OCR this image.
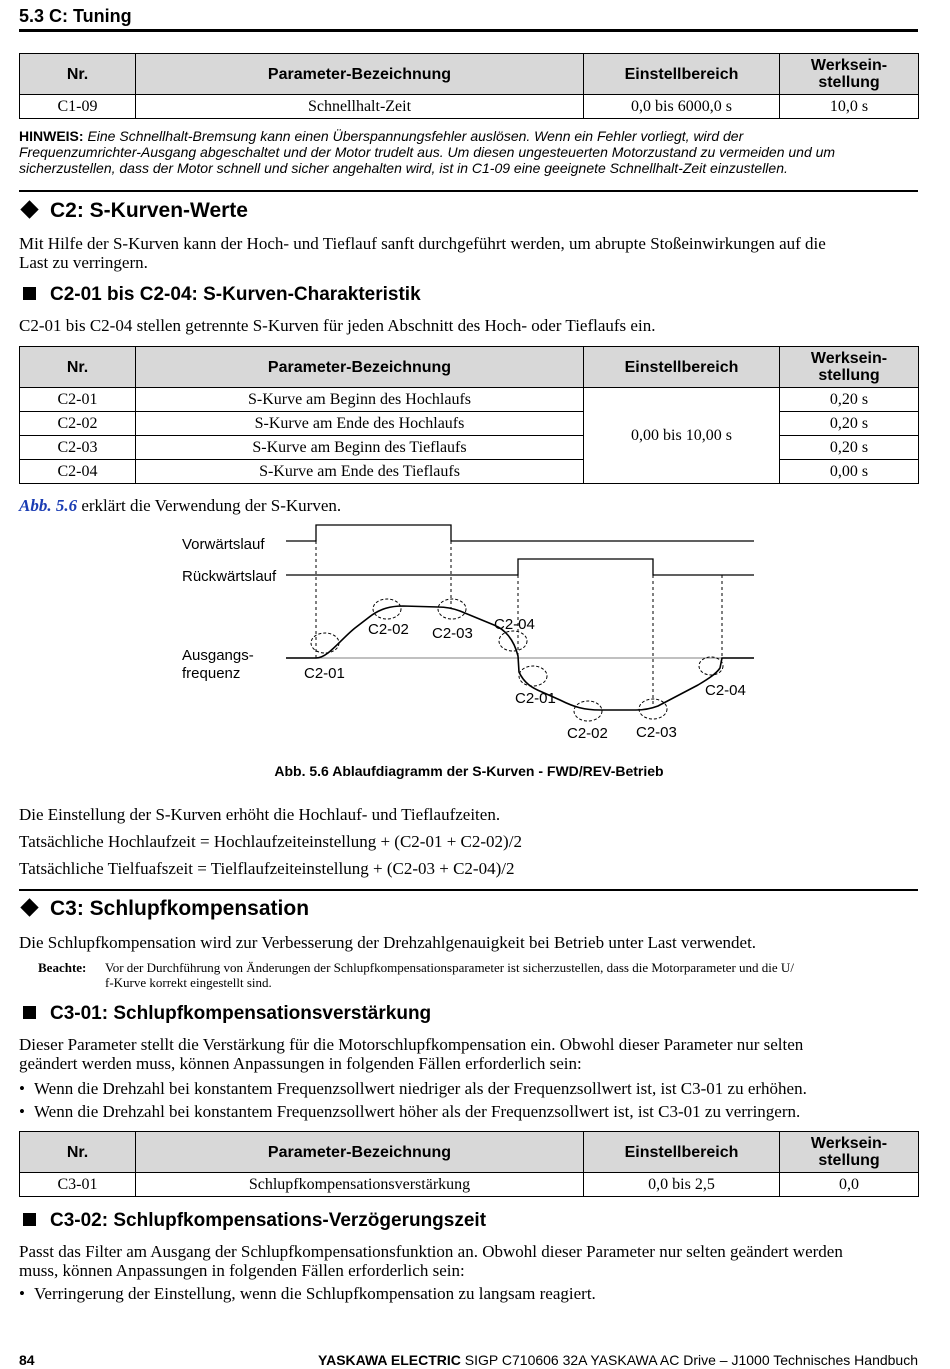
5.3 C: Tuning
Nr.	Parameter-Bezeichnung	Einstellbereich	Werksein-
stellung
C1-09	Schnellhalt-Zeit	0,0 bis 6000,0 s	10,0 s
HINWEIS: Eine Schnellhalt-Bremsung kann einen Überspannungsfehler auslösen. Wenn ein Fehler vorliegt, wird der
Frequenzumrichter-Ausgang abgeschaltet und der Motor trudelt aus. Um diesen ungesteuerten Motorzustand zu vermeiden und um
sicherzustellen, dass der Motor schnell und sicher angehalten wird, ist in C1-09 eine geeignete Schnellhalt-Zeit einzustellen.
C2: S-Kurven-Werte
Mit Hilfe der S-Kurven kann der Hoch- und Tieflauf sanft durchgeführt werden, um abrupte Stoßeinwirkungen auf die
Last zu verringern.
C2-01 bis C2-04: S-Kurven-Charakteristik
C2-01 bis C2-04 stellen getrennte S-Kurven für jeden Abschnitt des Hoch- oder Tieflaufs ein.
Nr.	Parameter-Bezeichnung	Einstellbereich	Werksein-
stellung
C2-01	S-Kurve am Beginn des Hochlaufs	0,00 bis 10,00 s	0,20 s
C2-02	S-Kurve am Ende des Hochlaufs		0,20 s
C2-03	S-Kurve am Beginn des Tieflaufs		0,20 s
C2-04	S-Kurve am Ende des Tieflaufs		0,00 s
Abb. 5.6 erklärt die Verwendung der S-Kurven.
Vorwärtslauf
Rückwärtslauf
Ausgangs-
frequenz	C2-01
C2-02 C2-03
C2-04
C2-01
C2-02 C2-03
C2-04
Abb. 5.6 Ablaufdiagramm der S-Kurven - FWD/REV-Betrieb
Die Einstellung der S-Kurven erhöht die Hochlauf- und Tieflaufzeiten.
Tatsächliche Hochlaufzeit = Hochlaufzeiteinstellung + (C2-01 + C2-02)/2
Tatsächliche Tielfuafszeit = Tielflaufzeiteinstellung + (C2-03 + C2-04)/2
C3: Schlupfkompensation
Die Schlupfkompensation wird zur Verbesserung der Drehzahlgenauigkeit bei Betrieb unter Last verwendet.
Beachte: Vor der Durchführung von Änderungen der Schlupfkompensationsparameter ist sicherzustellen, dass die Motorparameter und die U/
f-Kurve korrekt eingestellt sind.
C3-01: Schlupfkompensationsverstärkung
Dieser Parameter stellt die Verstärkung für die Motorschlupfkompensation ein. Obwohl dieser Parameter nur selten
geändert werden muss, können Anpassungen in folgenden Fällen erforderlich sein:
• Wenn die Drehzahl bei konstantem Frequenzsollwert niedriger als der Frequenzsollwert ist, ist C3-01 zu erhöhen.
• Wenn die Drehzahl bei konstantem Frequenzsollwert höher als der Frequenzsollwert ist, ist C3-01 zu verringern.
Nr.	Parameter-Bezeichnung	Einstellbereich	Werksein-
stellung
C3-01	Schlupfkompensationsverstärkung	0,0 bis 2,5	0,0
C3-02: Schlupfkompensations-Verzögerungszeit
Passt das Filter am Ausgang der Schlupfkompensationsfunktion an. Obwohl dieser Parameter nur selten geändert werden
muss, können Anpassungen in folgenden Fällen erforderlich sein:
• Verringerung der Einstellung, wenn die Schlupfkompensation zu langsam reagiert.
84	YASKAWA ELECTRIC SIGP C710606 32A YASKAWA AC Drive – J1000 Technisches Handbuch
